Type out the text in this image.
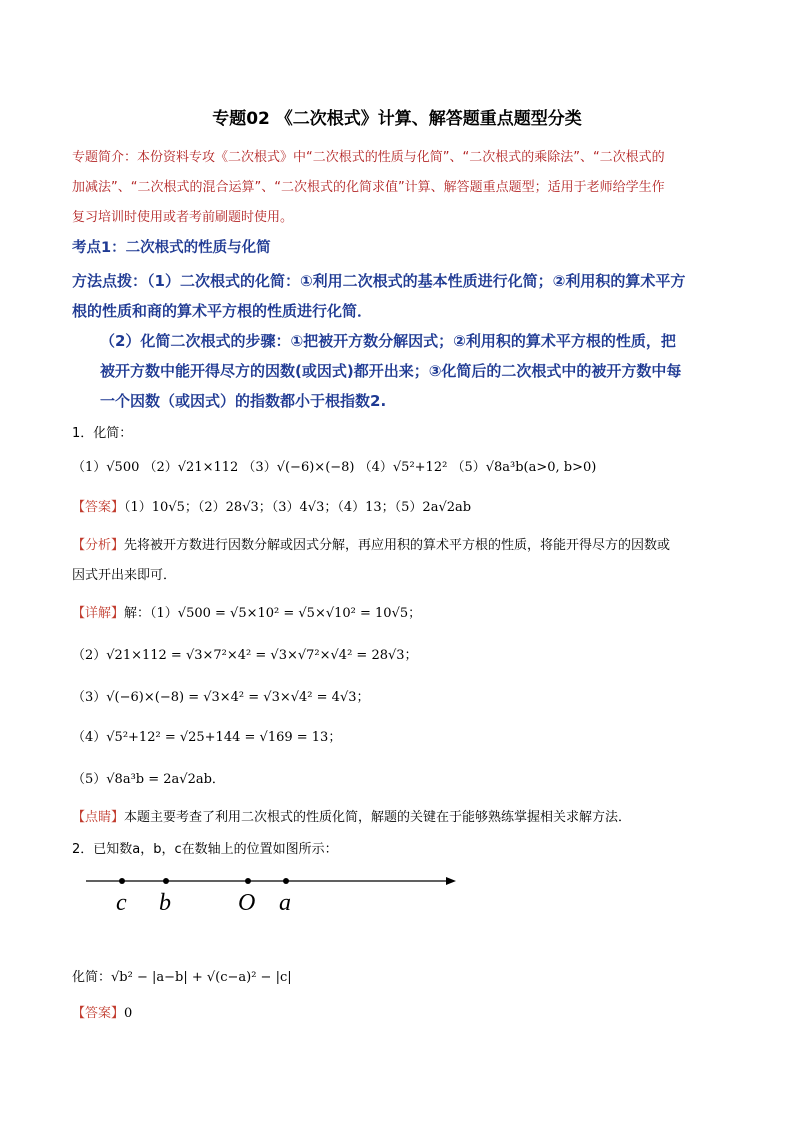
专题02 《二次根式》计算、解答题重点题型分类
专题简介：本份资料专攻《二次根式》中“二次根式的性质与化简”、“二次根式的乘除法”、“二次根式的
加减法”、“二次根式的混合运算”、“二次根式的化简求值”计算、解答题重点题型；适用于老师给学生作
复习培训时使用或者考前刷题时使用。
考点1：二次根式的性质与化简
方法点拨：（1）二次根式的化简：①利用二次根式的基本性质进行化简；②利用积的算术平方
根的性质和商的算术平方根的性质进行化简．
（2）化简二次根式的步骤：①把被开方数分解因式；②利用积的算术平方根的性质，把
被开方数中能开得尽方的因数(或因式)都开出来；③化简后的二次根式中的被开方数中每
一个因数（或因式）的指数都小于根指数2.
1．化简：
（1）√500 （2）√21×112 （3）√(−6)×(−8) （4）√5²+12² （5）√8a³b(a>0, b>0)
【答案】（1）10√5；（2）28√3；（3）4√3；（4）13；（5）2a√2ab
【分析】先将被开方数进行因数分解或因式分解，再应用积的算术平方根的性质，将能开得尽方的因数或
因式开出来即可．
【详解】解：（1）√500 = √5×10² = √5×√10² = 10√5；
（2）√21×112 = √3×7²×4² = √3×√7²×√4² = 28√3；
（3）√(−6)×(−8) = √3×4² = √3×√4² = 4√3；
（4）√5²+12² = √25+144 = √169 = 13；
（5）√8a³b = 2a√2ab．
【点睛】本题主要考查了利用二次根式的性质化简，解题的关键在于能够熟练掌握相关求解方法．
2．已知数a，b，c在数轴上的位置如图所示：
c b	O a
化简：√b² − |a−b| + √(c−a)² − |c|
【答案】0
